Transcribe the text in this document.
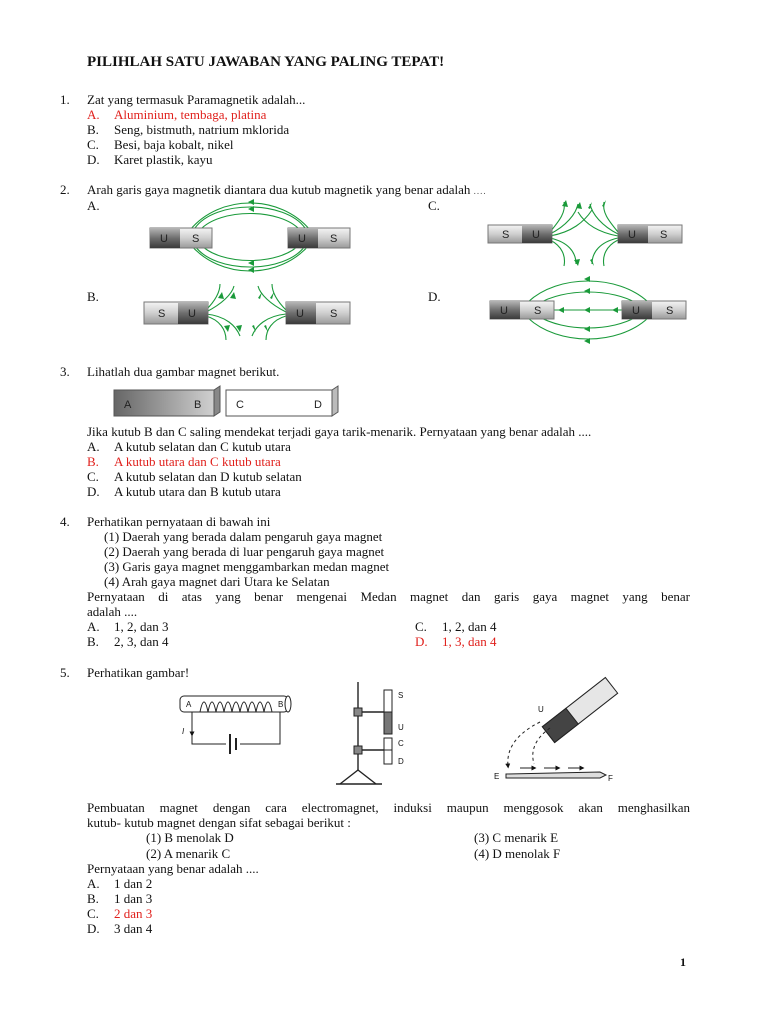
PILIHLAH SATU JAWABAN YANG PALING TEPAT!
1. Zat yang termasuk Paramagnetik adalah...
A. Aluminium, tembaga, platina
B. Seng, bistmuth, natrium mklorida
C. Besi, baja kobalt, nikel
D. Karet plastik, kayu
2. Arah garis gaya magnetik diantara dua kutub magnetik yang benar adalah ....
A.	C.
B.	D.
U S	U S	S U	U S
S U	U S	U S	U S
3. Lihatlah dua gambar magnet berikut.
A	B	C	D
Jika kutub B dan C saling mendekat terjadi gaya tarik-menarik. Pernyataan yang benar adalah ....
A. A kutub selatan dan C kutub utara
B. A kutub utara dan C kutub utara
C. A kutub selatan dan D kutub selatan
D. A kutub utara dan B kutub utara
4. Perhatikan pernyataan di bawah ini
(1) Daerah yang berada dalam pengaruh gaya magnet
(2) Daerah yang berada di luar pengaruh gaya magnet
(3) Garis gaya magnet menggambarkan medan magnet
(4) Arah gaya magnet dari Utara ke Selatan
Pernyataan di atas yang benar mengenai Medan magnet dan garis gaya magnet yang benar
adalah ....
A. 1, 2, dan 3	C. 1, 2, dan 4
B. 2, 3, dan 4	D. 1, 3, dan 4
5. Perhatikan gambar!
A	B
I
S
U
C
D
U
E	F
Pembuatan magnet dengan cara electromagnet, induksi maupun menggosok akan menghasilkan
kutub- kutub magnet dengan sifat sebagai berikut :
(1) B menolak D	(3) C menarik E
(2) A menarik C	(4) D menolak F
Pernyataan yang benar adalah ....
A. 1 dan 2
B. 1 dan 3
C. 2 dan 3
D. 3 dan 4
1
